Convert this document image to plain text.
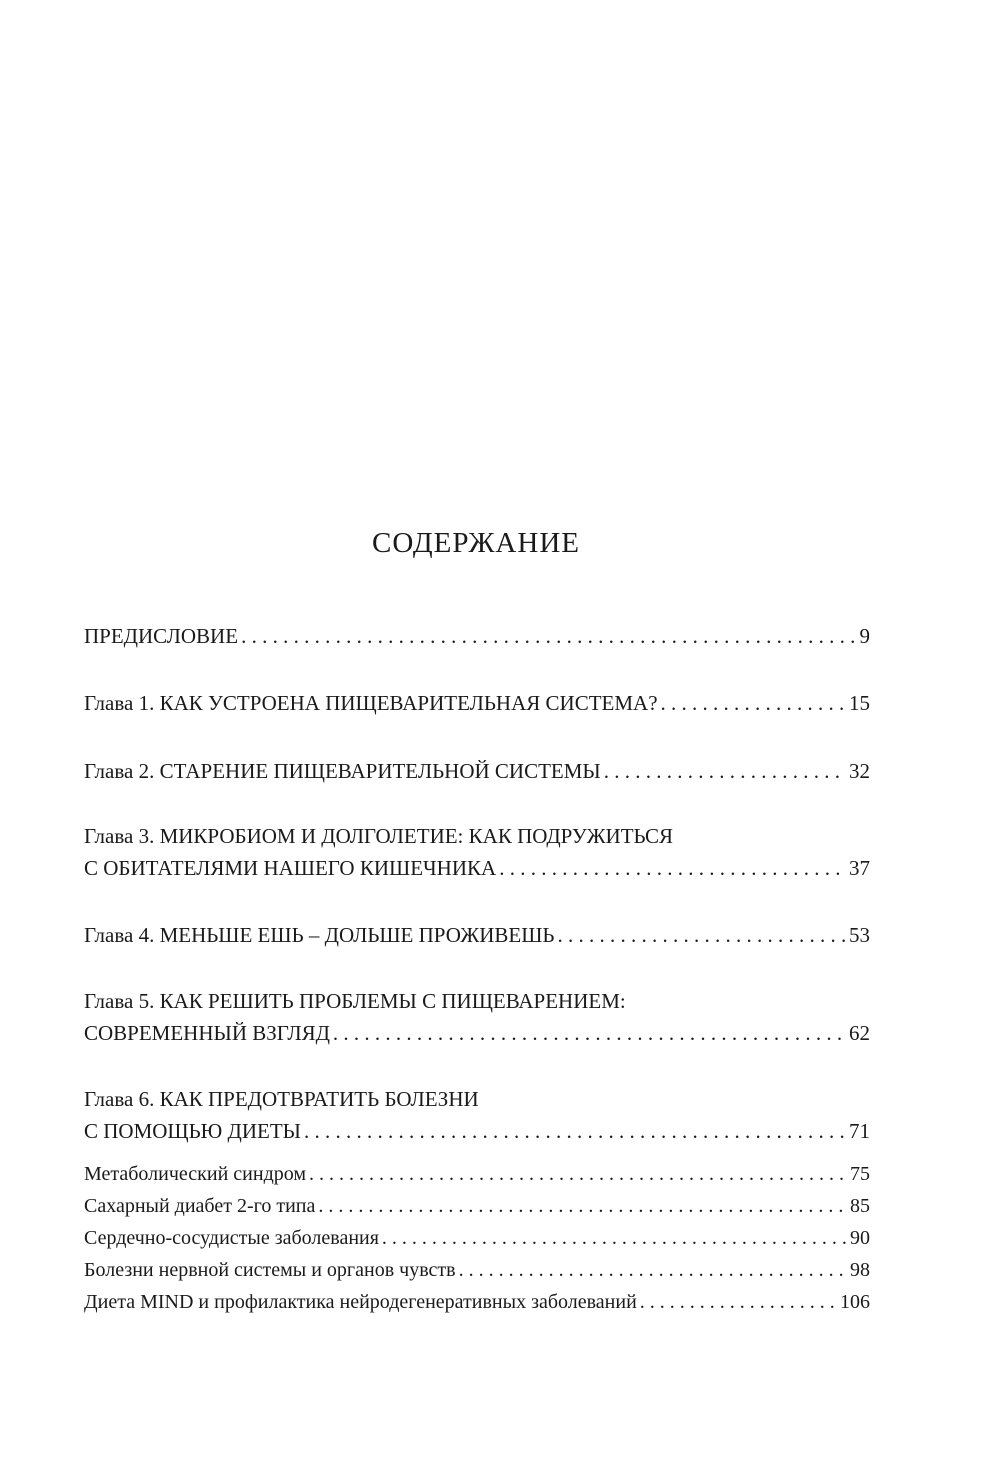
СОДЕРЖАНИЕ
ПРЕДИСЛОВИЕ . . .	9
Глава 1. КАК УСТРОЕНА ПИЩЕВАРИТЕЛЬНАЯ СИСТЕМА? . . .	15
Глава 2. СТАРЕНИЕ ПИЩЕВАРИТЕЛЬНОЙ СИСТЕМЫ . . .	32
Глава 3. МИКРОБИОМ И ДОЛГОЛЕТИЕ: КАК ПОДРУЖИТЬСЯ
С ОБИТАТЕЛЯМИ НАШЕГО КИШЕЧНИКА . . .	37
Глава 4. МЕНЬШЕ ЕШЬ – ДОЛЬШЕ ПРОЖИВЕШЬ . . .	53
Глава 5. КАК РЕШИТЬ ПРОБЛЕМЫ С ПИЩЕВАРЕНИЕМ:
СОВРЕМЕННЫЙ ВЗГЛЯД . . .	62
Глава 6. КАК ПРЕДОТВРАТИТЬ БОЛЕЗНИ
С ПОМОЩЬЮ ДИЕТЫ . . .	71
Метаболический синдром . . .	75
Сахарный диабет 2-го типа . . .	85
Сердечно-сосудистые заболевания . . .	90
Болезни нервной системы и органов чувств . . .	98
Диета MIND и профилактика нейродегенеративных заболеваний . . .	106
